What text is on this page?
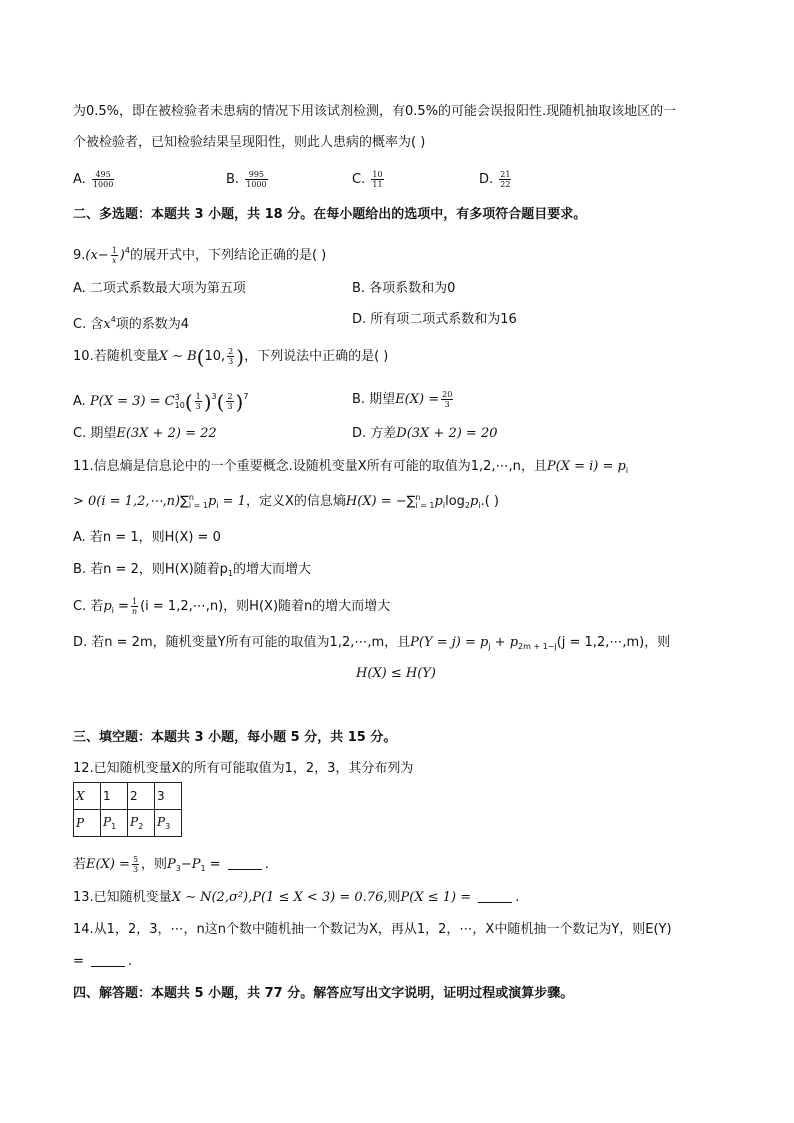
为0.5%，即在被检验者未患病的情况下用该试剂检测，有0.5%的可能会误报阳性.现随机抽取该地区的一
个被检验者，已知检验结果呈现阳性，则此人患病的概率为( )
A. $\frac{495}{1000}$	B. $\frac{995}{1000}$	C. $\frac{10}{11}$	D. $\frac{21}{22}$
二、多选题：本题共 3 小题，共 18 分。在每小题给出的选项中，有多项符合题目要求。
$9.(x- \frac{1}{x} )^4$的展开式中，下列结论正确的是( )
A. 二项式系数最大项为第五项	B. 各项系数和为0
C. 含$x^4$项的系数为4	D. 所有项二项式系数和为16
10.若随机变量X ∼ B(10, $\frac{2}{3}$ )，下列说法中正确的是( )
A. P(X = 3) = C 3
10 ( $\frac{1}{3} )^3( \frac{2}{3} )^7$	B. 期望$E(X) = \frac{20}{3}$
C. 期望E(3X + 2) = 22	D. 方差D(3X + 2) = 20
11.信息熵是信息论中的一个重要概念.设随机变量X所有可能的取值为1,2,⋯,n，且$P(X = i) = p_i$
> 0(i = 1,2,⋯,n)∑ n
i = 1 $p_i = 1$，定义X的信息熵H(X) = −∑ n
i = 1 $p_i\log_2p_i$.( )
A. 若n = 1，则H(X) = 0
B. 若n = 2，则H(X)随着$p_1$的增大而增大
C. 若$p_i = \frac{1}{n} (i$ = 1,2,⋯,n)，则H(X)随着n的增大而增大
D. 若n = 2m，随机变量Y所有可能的取值为1,2,⋯,m，且$P(Y = j) = p_j + p_{2m + 1-j}(j$ = 1,2,⋯,m)，则
H(X) ≤ H(Y)
三、填空题：本题共 3 小题，每小题 5 分，共 15 分。
12.已知随机变量X的所有可能取值为1，2，3，其分布列为
X	1	2	3
P	$P_1$	$P_2$	$P_3$
若$E(X) = \frac{5}{3}$ ，则$P_3-P_1$ =	.
13.已知随机变量X ∼ N(2,σ²),P(1 ≤ X < 3) = 0.76,则P(X ≤ 1) =	.
14.从1，2，3，⋯，n这n个数中随机抽一个数记为X，再从1，2，⋯，X中随机抽一个数记为Y，则E(Y)
=	.
四、解答题：本题共 5 小题，共 77 分。解答应写出文字说明，证明过程或演算步骤。
